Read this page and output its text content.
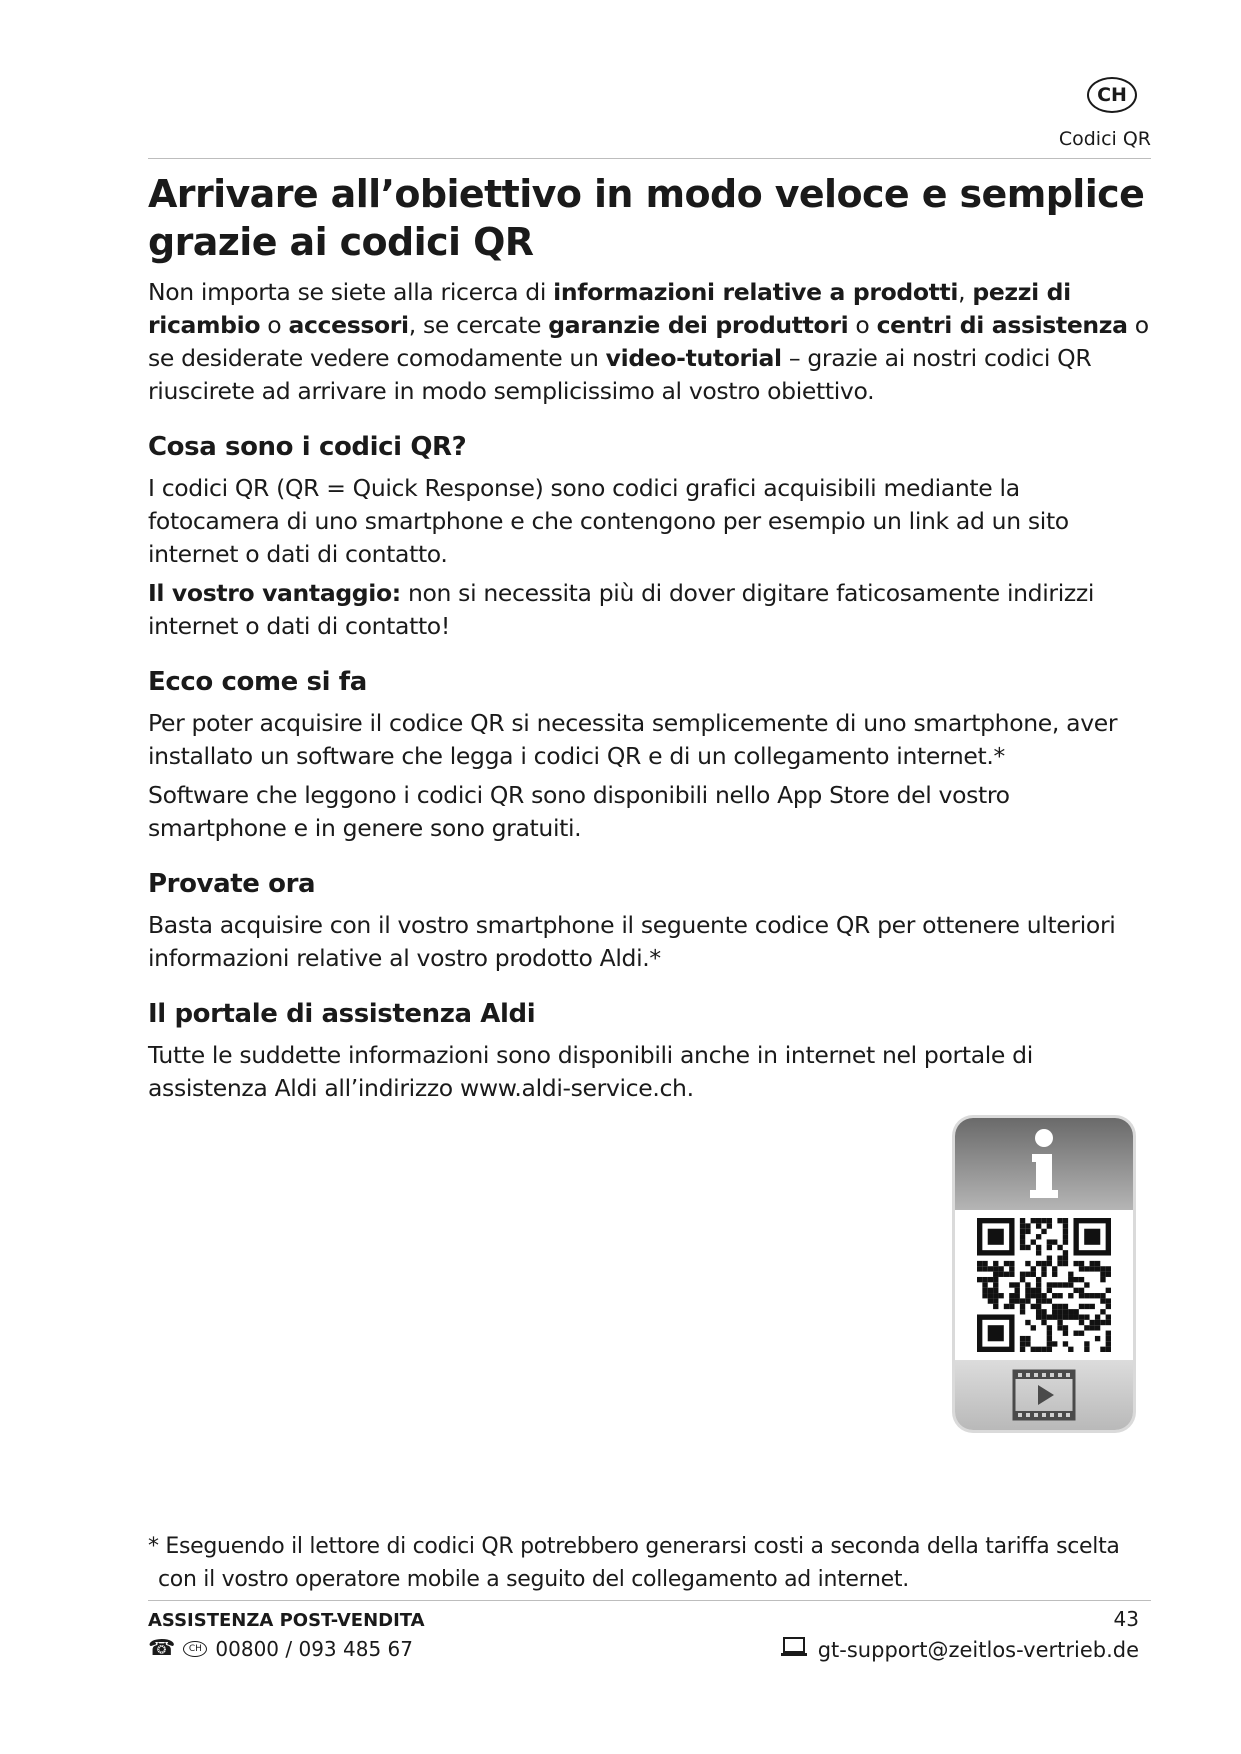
CH
Codici QR
Arrivare all’obiettivo in modo veloce e semplice grazie ai codici QR

Non importa se siete alla ricerca di informazioni relative a prodotti, pezzi di ricambio o accessori, se cercate garanzie dei produttori o centri di assistenza o se desiderate vedere comodamente un video-tutorial – grazie ai nostri codici QR riuscirete ad arrivare in modo semplicissimo al vostro obiettivo.

Cosa sono i codici QR?

I codici QR (QR = Quick Response) sono codici grafici acquisibili mediante la fotocamera di uno smartphone e che contengono per esempio un link ad un sito internet o dati di contatto.

Il vostro vantaggio: non si necessita più di dover digitare faticosamente indirizzi internet o dati di contatto!

Ecco come si fa

Per poter acquisire il codice QR si necessita semplicemente di uno smartphone, aver installato un software che legga i codici QR e di un collegamento internet.*

Software che leggono i codici QR sono disponibili nello App Store del vostro smartphone e in genere sono gratuiti.

Provate ora

Basta acquisire con il vostro smartphone il seguente codice QR per ottenere ulteriori informazioni relative al vostro prodotto Aldi.*

Il portale di assistenza Aldi

Tutte le suddette informazioni sono disponibili anche in internet nel portale di assistenza Aldi all’indirizzo www.aldi-service.ch.

* Eseguendo il lettore di codici QR potrebbero generarsi costi a seconda della tariffa scelta
con il vostro operatore mobile a seguito del collegamento ad internet.
ASSISTENZA POST-VENDITA
☎	CH 00800 / 093 485 67
43
gt-support@zeitlos-vertrieb.de
